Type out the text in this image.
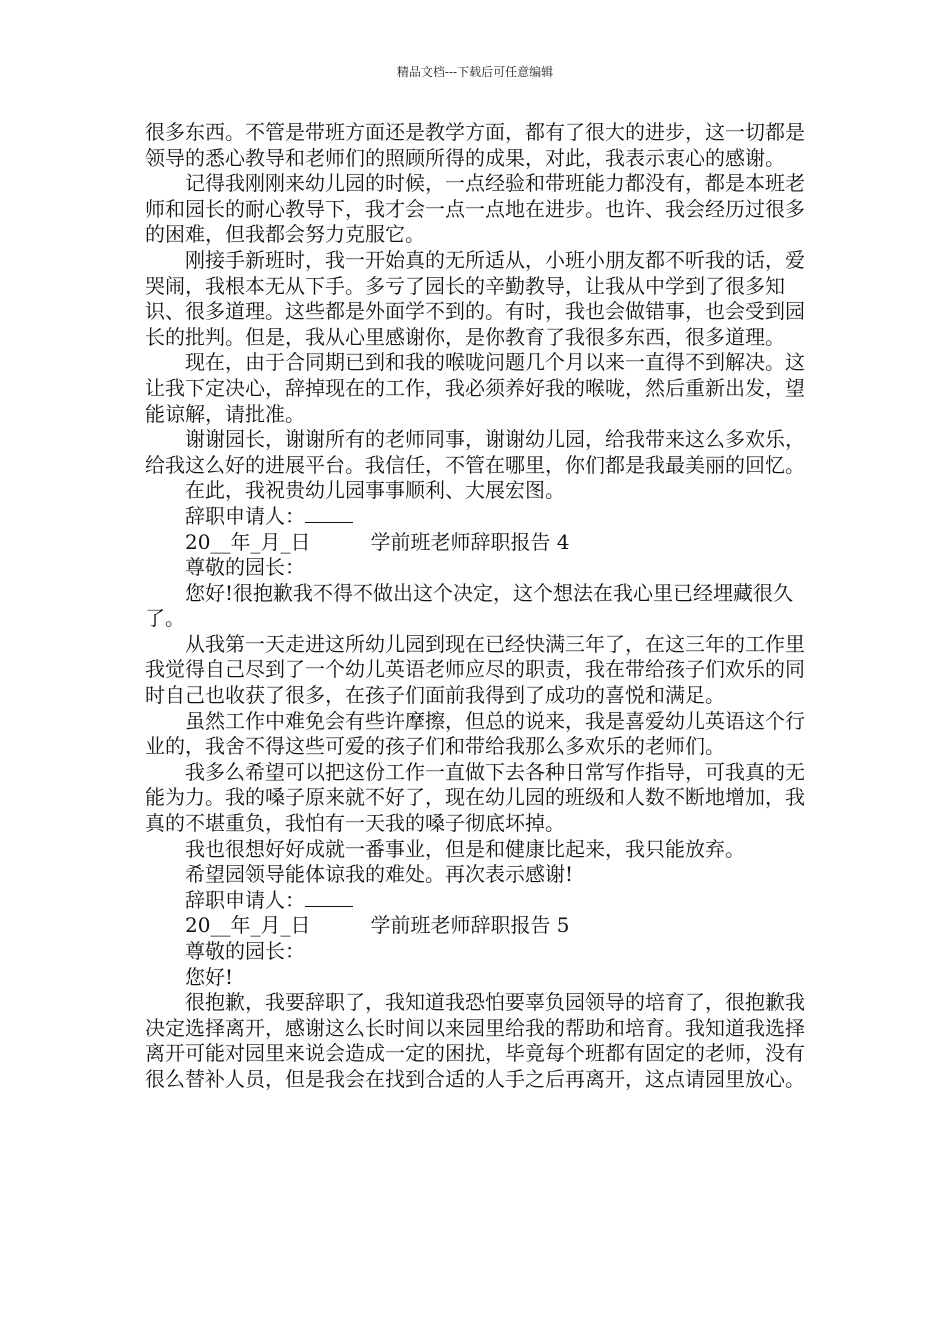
精品文档---下载后可任意编辑

很多东西。不管是带班方面还是教学方面，都有了很大的进步，这一切都是领导的悉心教导和老师们的照顾所得的成果，对此，我表示衷心的感谢。

记得我刚刚来幼儿园的时候，一点经验和带班能力都没有，都是本班老师和园长的耐心教导下，我才会一点一点地在进步。也许、我会经历过很多的困难，但我都会努力克服它。

刚接手新班时，我一开始真的无所适从，小班小朋友都不听我的话，爱哭闹，我根本无从下手。多亏了园长的辛勤教导，让我从中学到了很多知识、很多道理。这些都是外面学不到的。有时，我也会做错事，也会受到园长的批判。但是，我从心里感谢你，是你教育了我很多东西，很多道理。

现在，由于合同期已到和我的喉咙问题几个月以来一直得不到解决。这让我下定决心，辞掉现在的工作，我必须养好我的喉咙，然后重新出发，望能谅解，请批准。

谢谢园长，谢谢所有的老师同事，谢谢幼儿园，给我带来这么多欢乐，给我这么好的进展平台。我信任，不管在哪里，你们都是我最美丽的回忆。

在此，我祝贵幼儿园事事顺利、大展宏图。

辞职申请人：

20__年_月_日	学前班老师辞职报告 4

尊敬的园长：

您好!很抱歉我不得不做出这个决定，这个想法在我心里已经埋藏很久了。

从我第一天走进这所幼儿园到现在已经快满三年了，在这三年的工作里我觉得自己尽到了一个幼儿英语老师应尽的职责，我在带给孩子们欢乐的同时自己也收获了很多，在孩子们面前我得到了成功的喜悦和满足。

虽然工作中难免会有些许摩擦，但总的说来，我是喜爱幼儿英语这个行业的，我舍不得这些可爱的孩子们和带给我那么多欢乐的老师们。

我多么希望可以把这份工作一直做下去各种日常写作指导，可我真的无能为力。我的嗓子原来就不好了，现在幼儿园的班级和人数不断地增加，我真的不堪重负，我怕有一天我的嗓子彻底坏掉。

我也很想好好成就一番事业，但是和健康比起来，我只能放弃。

希望园领导能体谅我的难处。再次表示感谢!

辞职申请人：

20__年_月_日	学前班老师辞职报告 5

尊敬的园长：

您好!

很抱歉，我要辞职了，我知道我恐怕要辜负园领导的培育了，很抱歉我决定选择离开，感谢这么长时间以来园里给我的帮助和培育。我知道我选择离开可能对园里来说会造成一定的困扰，毕竟每个班都有固定的老师，没有很么替补人员，但是我会在找到合适的人手之后再离开，这点请园里放心。
